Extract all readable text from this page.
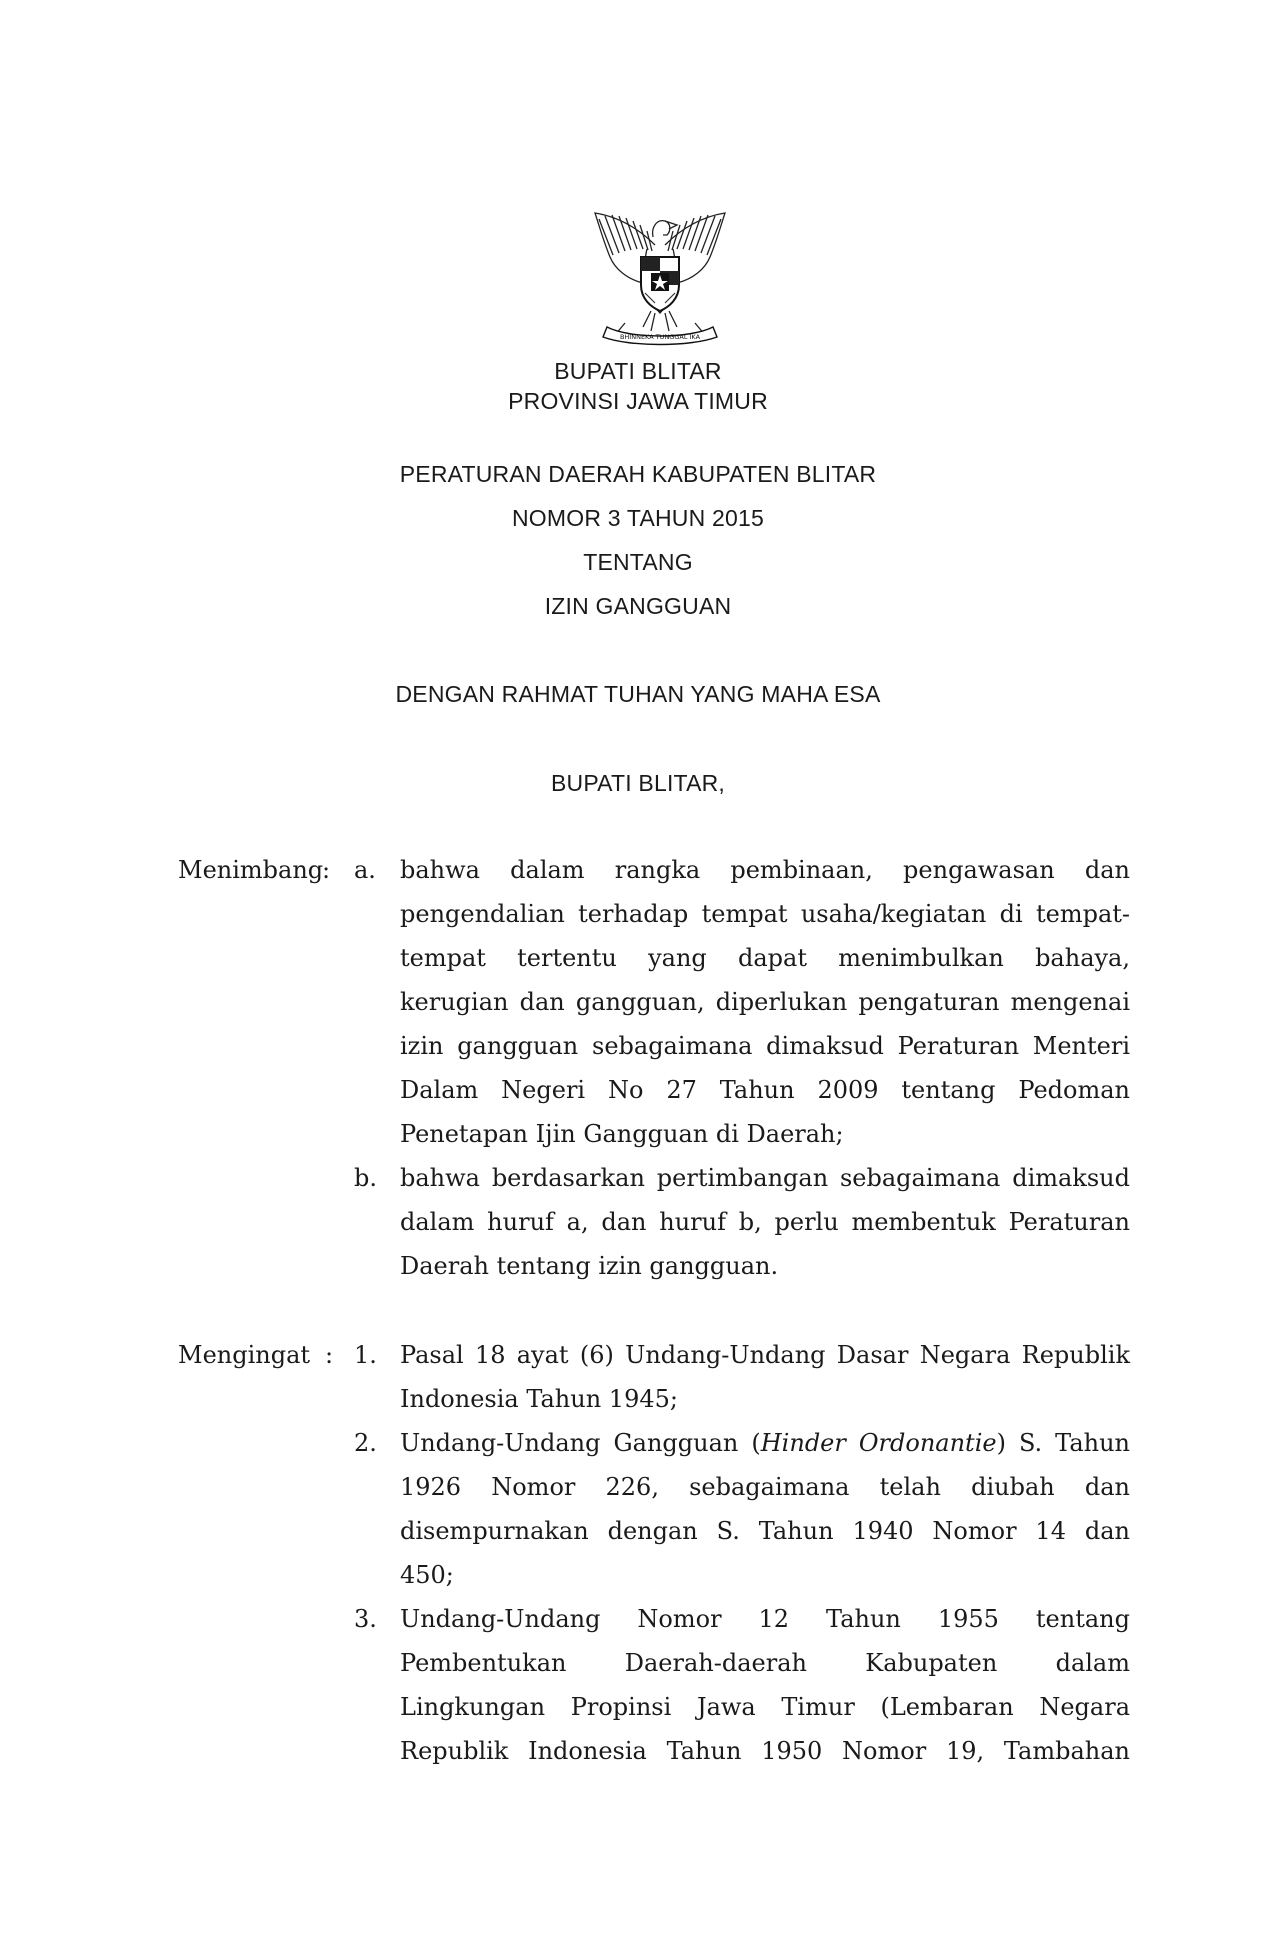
BHINNEKA TUNGGAL IKA
BUPATI BLITAR
PROVINSI JAWA TIMUR
PERATURAN DAERAH KABUPATEN BLITAR
NOMOR 3 TAHUN 2015
TENTANG
IZIN GANGGUAN
DENGAN RAHMAT TUHAN YANG MAHA ESA
BUPATI BLITAR,
Menimbang
: a. bahwa dalam rangka pembinaan, pengawasan dan
pengendalian terhadap tempat usaha/kegiatan di tempat-
tempat tertentu yang dapat menimbulkan bahaya,
kerugian dan gangguan, diperlukan pengaturan mengenai
izin gangguan sebagaimana dimaksud Peraturan Menteri
Dalam Negeri No 27 Tahun 2009 tentang Pedoman
Penetapan Ijin Gangguan di Daerah;
b. bahwa berdasarkan pertimbangan sebagaimana dimaksud
dalam huruf a, dan huruf b, perlu membentuk Peraturan
Daerah tentang izin gangguan.
Mengingat : 1. Pasal 18 ayat (6) Undang-Undang Dasar Negara Republik
Indonesia Tahun 1945;
2. Undang-Undang Gangguan (Hinder Ordonantie) S. Tahun
1926 Nomor 226, sebagaimana telah diubah dan
disempurnakan dengan S. Tahun 1940 Nomor 14 dan
450;
3. Undang-Undang Nomor 12 Tahun 1955 tentang
Pembentukan Daerah-daerah Kabupaten dalam
Lingkungan Propinsi Jawa Timur (Lembaran Negara
Republik Indonesia Tahun 1950 Nomor 19, Tambahan
